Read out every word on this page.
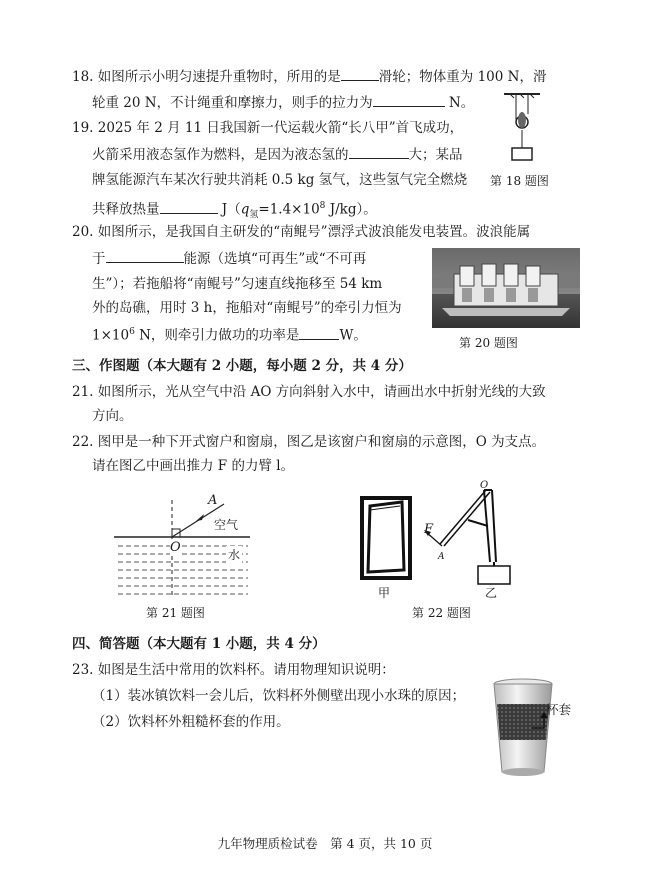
18. 如图所示小明匀速提升重物时，所用的是	滑轮；物体重为 100 N，滑
轮重 20 N，不计绳重和摩擦力，则手的拉力为	N。
第 18 题图
19. 2025 年 2 月 11 日我国新一代运载火箭“长八甲”首飞成功，
火箭采用液态氢作为燃料，是因为液态氢的	大；某品
牌氢能源汽车某次行驶共消耗 0.5 kg 氢气，这些氢气完全燃烧
共释放热量	$J(q_氢=1.4\times 10^8$ J/kg）。
20. 如图所示，是我国自主研发的“南鲲号”漂浮式波浪能发电装置。波浪能属
于	能源（选填“可再生”或“不可再
生”）；若拖船将“南鲲号”匀速直线拖移至 54 km
外的岛礁，用时 3 h，拖船对“南鲲号”的牵引力恒为
$1\times 10^6$ N，则牵引力做功的功率是	W。	第 20 题图
三、作图题（本大题有 2 小题，每小题 2 分，共 4 分）
21. 如图所示，光从空气中沿 AO 方向斜射入水中，请画出水中折射光线的大致
方向。
22. 图甲是一种下开式窗户和窗扇，图乙是该窗户和窗扇的示意图，O 为支点。
请在图乙中画出推力 F 的力臂 l。
A
空气
O	水
第 21 题图
甲
O
F
A
乙
第 22 题图
四、简答题（本大题有 1 小题，共 4 分）
23. 如图是生活中常用的饮料杯。请用物理知识说明：
（1）装冰镇饮料一会儿后，饮料杯外侧壁出现小水珠的原因；
（2）饮料杯外粗糙杯套的作用。
杯套
九年物理质检试卷　第 4 页，共 10 页
